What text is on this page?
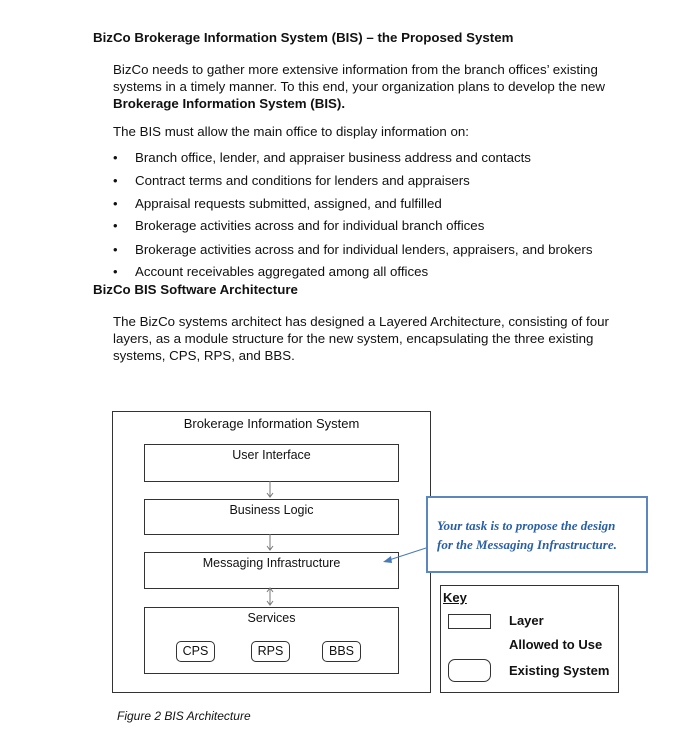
BizCo Brokerage Information System (BIS) – the Proposed System
BizCo needs to gather more extensive information from the branch offices’ existing
systems in a timely manner. To this end, your organization plans to develop the new
Brokerage Information System (BIS).
The BIS must allow the main office to display information on:
• Branch office, lender, and appraiser business address and contacts
• Contract terms and conditions for lenders and appraisers
• Appraisal requests submitted, assigned, and fulfilled
• Brokerage activities across and for individual branch offices
• Brokerage activities across and for individual lenders, appraisers, and brokers
• Account receivables aggregated among all offices
BizCo BIS Software Architecture
The BizCo systems architect has designed a Layered Architecture, consisting of four
layers, as a module structure for the new system, encapsulating the three existing
systems, CPS, RPS, and BBS.
Brokerage Information System
User Interface
Business Logic
Messaging Infrastructure
Services
CPS	RPS	BBS
Your task is to propose the design
for the Messaging Infrastructure.
Key
Layer
Allowed to Use
Existing System
Figure 2 BIS Architecture
